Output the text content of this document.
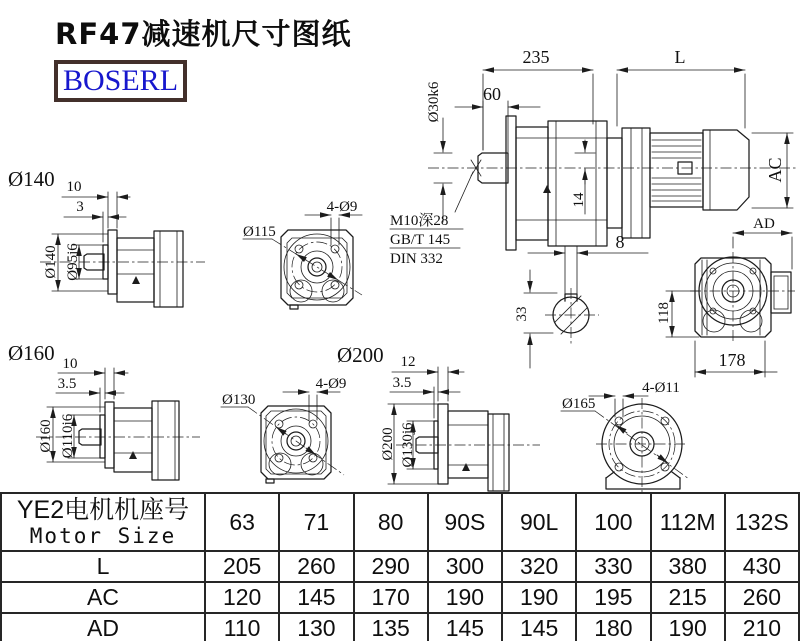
RF47减速机尺寸图纸
BOSERL
235	L
60
Ø30k6
14
AC
AD
M10深28
GB/T 145
DIN 332
8
33
Ø140 10
3
Ø140 Ø95j6
Ø115
4-Ø9
118
178
Ø160 10
3.5
Ø160 Ø110j6
Ø200
Ø130
4-Ø9
12
3.5
Ø200 Ø130j6
Ø165
4-Ø11
YE2电机机座号
Motor Size	63	71	80	90S	90L	100	112M	132S
L	205	260	290	300	320	330	380	430
AC	120	145	170	190	190	195	215	260
AD	110	130	135	145	145	180	190	210
